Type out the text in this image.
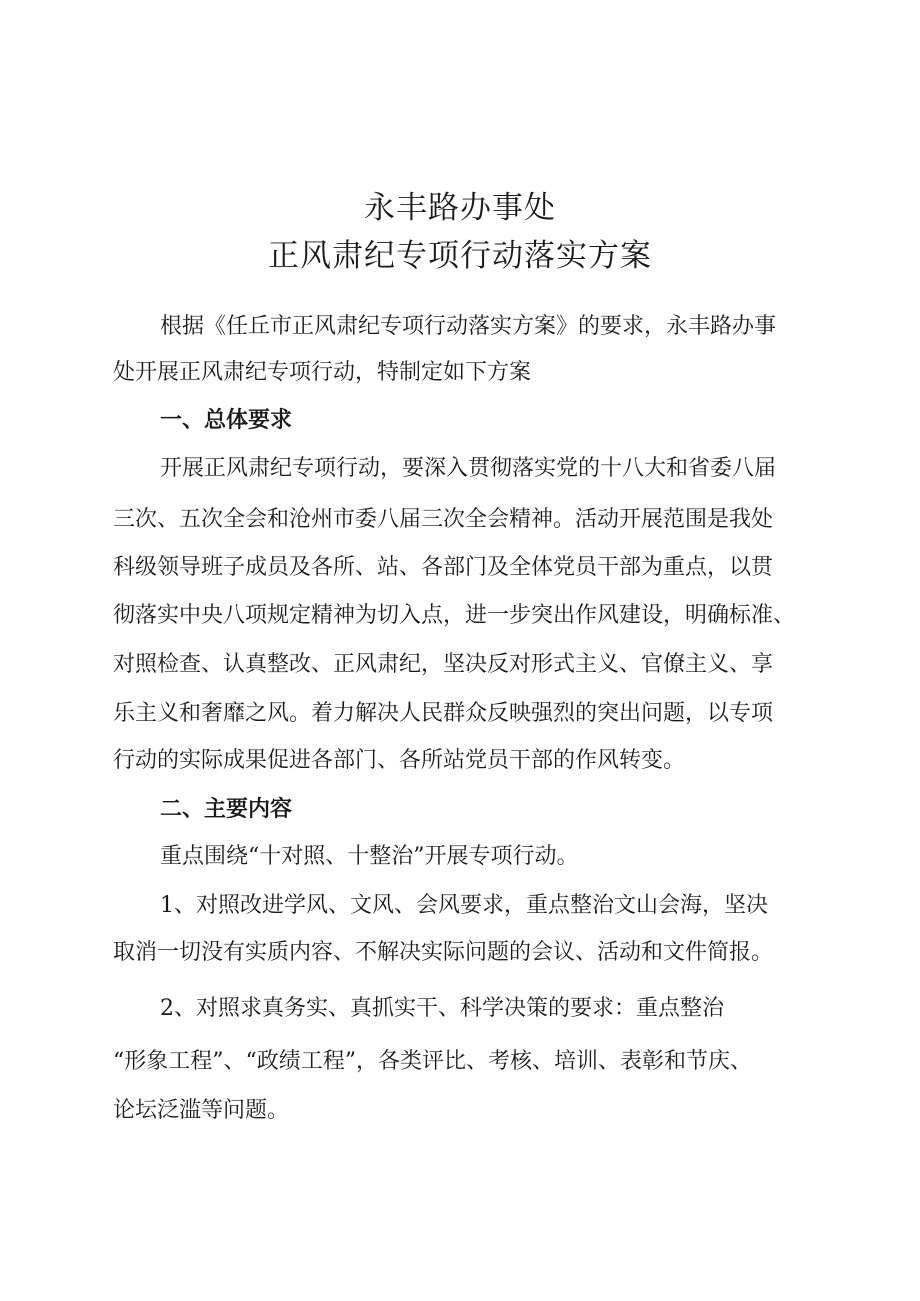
永丰路办事处
正风肃纪专项行动落实方案
根据《任丘市正风肃纪专项行动落实方案》的要求，永丰路办事
处开展正风肃纪专项行动，特制定如下方案
一、总体要求
开展正风肃纪专项行动，要深入贯彻落实党的十八大和省委八届
三次、五次全会和沧州市委八届三次全会精神。活动开展范围是我处
科级领导班子成员及各所、站、各部门及全体党员干部为重点，以贯
彻落实中央八项规定精神为切入点，进一步突出作风建设，明确标准、
对照检查、认真整改、正风肃纪，坚决反对形式主义、官僚主义、享
乐主义和奢靡之风。着力解决人民群众反映强烈的突出问题，以专项
行动的实际成果促进各部门、各所站党员干部的作风转变。
二、主要内容
重点围绕“十对照、十整治”开展专项行动。
1、对照改进学风、文风、会风要求，重点整治文山会海，坚决
取消一切没有实质内容、不解决实际问题的会议、活动和文件简报。
2、对照求真务实、真抓实干、科学决策的要求：重点整治
“形象工程”、“政绩工程”，各类评比、考核、培训、表彰和节庆、
论坛泛滥等问题。
